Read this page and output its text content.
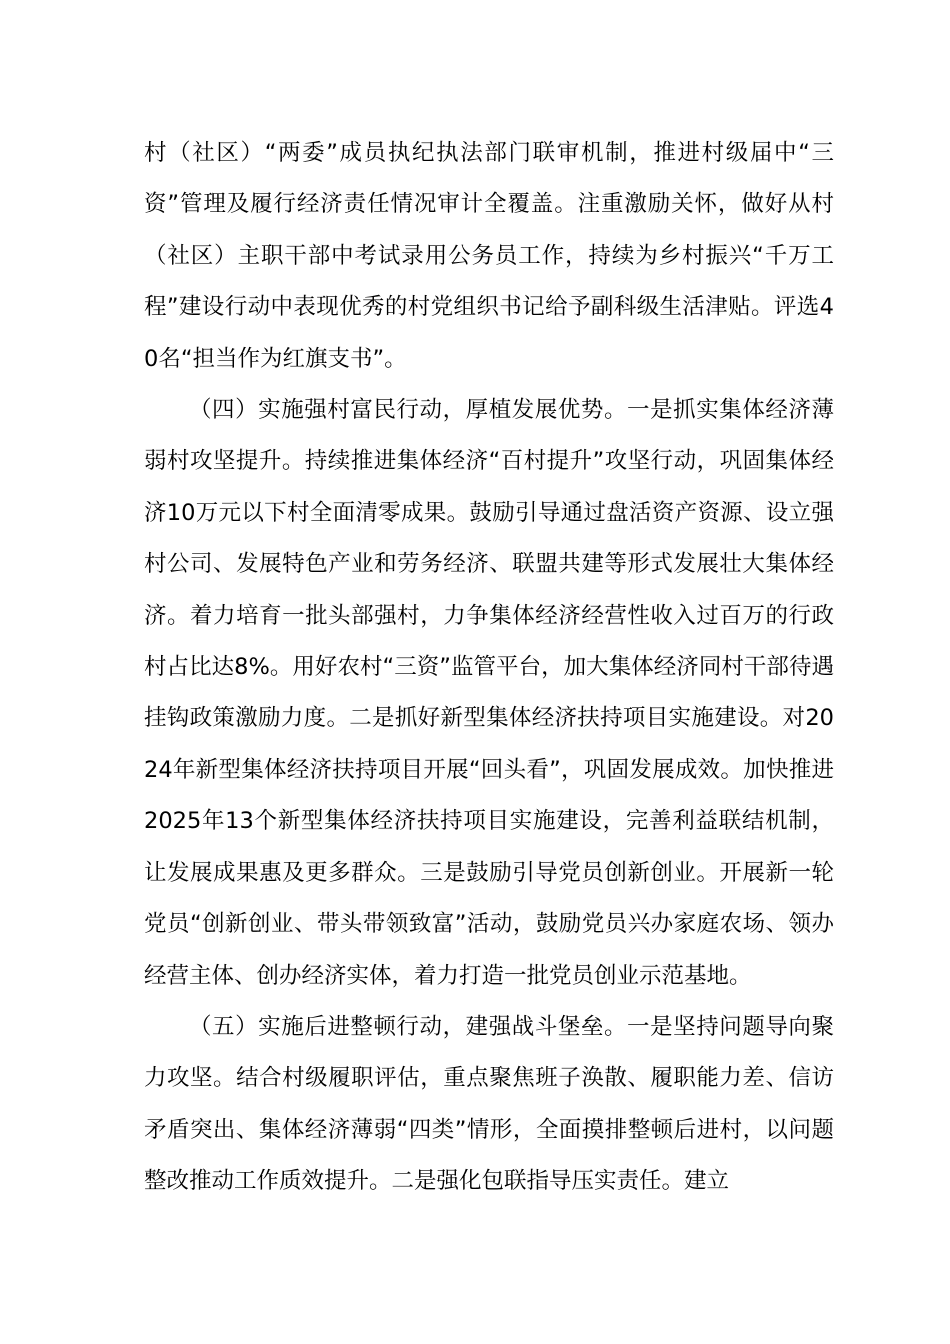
村（社区）“两委”成员执纪执法部门联审机制，推进村级届中“三资”管理及履行经济责任情况审计全覆盖。注重激励关怀，做好从村（社区）主职干部中考试录用公务员工作，持续为乡村振兴“千万工程”建设行动中表现优秀的村党组织书记给予副科级生活津贴。评选40名“担当作为红旗支书”。

（四）实施强村富民行动，厚植发展优势。一是抓实集体经济薄弱村攻坚提升。持续推进集体经济“百村提升”攻坚行动，巩固集体经济10万元以下村全面清零成果。鼓励引导通过盘活资产资源、设立强村公司、发展特色产业和劳务经济、联盟共建等形式发展壮大集体经济。着力培育一批头部强村，力争集体经济经营性收入过百万的行政村占比达8%。用好农村“三资”监管平台，加大集体经济同村干部待遇挂钩政策激励力度。二是抓好新型集体经济扶持项目实施建设。对2024年新型集体经济扶持项目开展“回头看”，巩固发展成效。加快推进2025年13个新型集体经济扶持项目实施建设，完善利益联结机制，让发展成果惠及更多群众。三是鼓励引导党员创新创业。开展新一轮党员“创新创业、带头带领致富”活动，鼓励党员兴办家庭农场、领办经营主体、创办经济实体，着力打造一批党员创业示范基地。

（五）实施后进整顿行动，建强战斗堡垒。一是坚持问题导向聚力攻坚。结合村级履职评估，重点聚焦班子涣散、履职能力差、信访矛盾突出、集体经济薄弱“四类”情形，全面摸排整顿后进村，以问题整改推动工作质效提升。二是强化包联指导压实责任。建立
